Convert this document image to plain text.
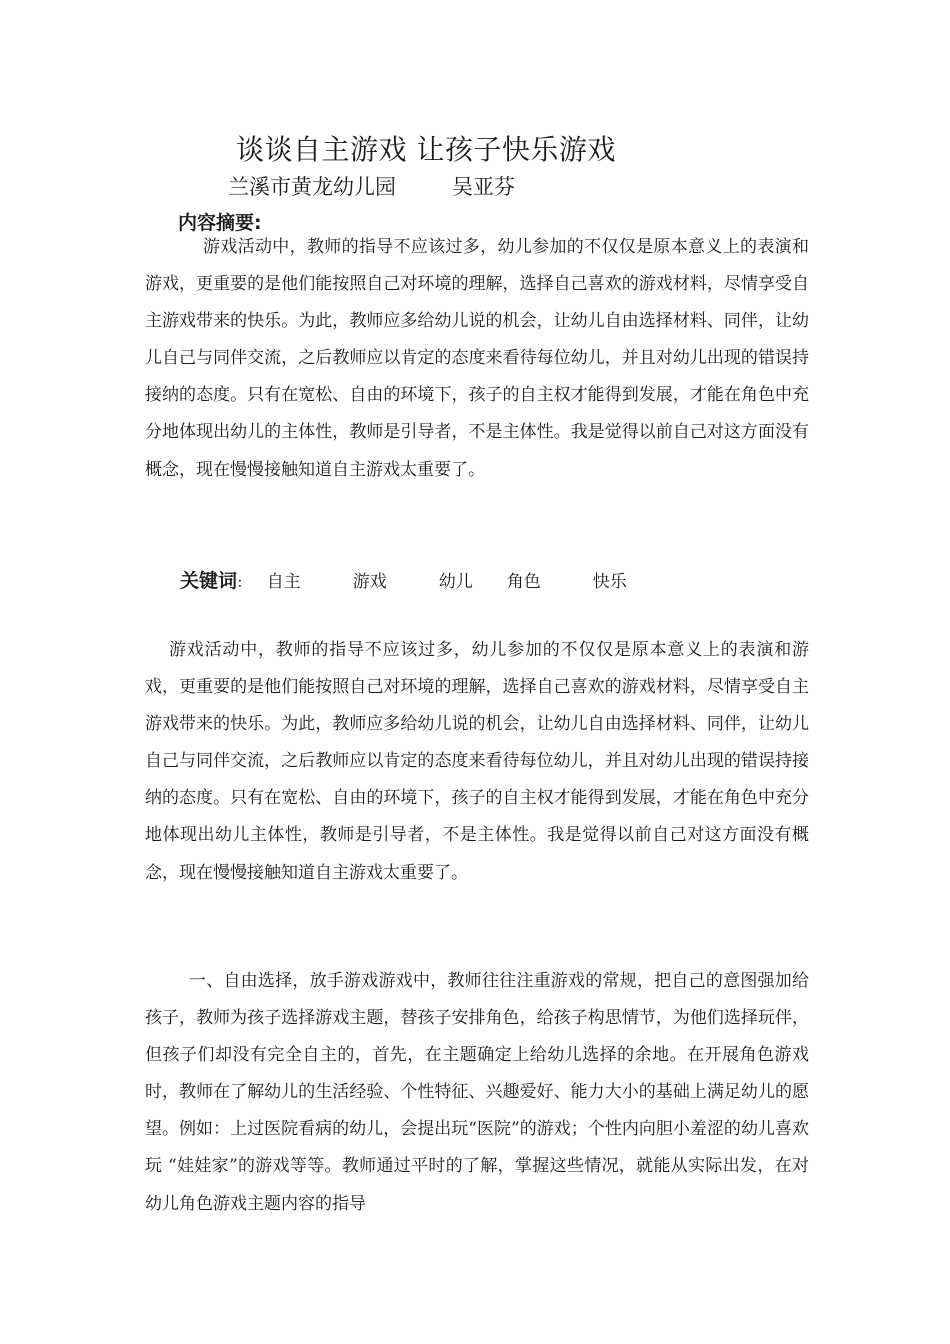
谈谈自主游戏 让孩子快乐游戏
兰溪市黄龙幼儿园	吴亚芬
内容摘要:

游戏活动中，教师的指导不应该过多，幼儿参加的不仅仅是原本意义上的表演和游戏，更重要的是他们能按照自己对环境的理解，选择自己喜欢的游戏材料，尽情享受自主游戏带来的快乐。为此，教师应多给幼儿说的机会，让幼儿自由选择材料、同伴，让幼儿自己与同伴交流，之后教师应以肯定的态度来看待每位幼儿，并且对幼儿出现的错误持接纳的态度。只有在宽松、自由的环境下，孩子的自主权才能得到发展，才能在角色中充分地体现出幼儿的主体性，教师是引导者，不是主体性。我是觉得以前自己对这方面没有概念，现在慢慢接触知道自主游戏太重要了。

关键词: 自主	游戏	幼儿 角色	快乐

游戏活动中，教师的指导不应该过多，幼儿参加的不仅仅是原本意义上的表演和游戏，更重要的是他们能按照自己对环境的理解，选择自己喜欢的游戏材料，尽情享受自主游戏带来的快乐。为此，教师应多给幼儿说的机会，让幼儿自由选择材料、同伴，让幼儿自己与同伴交流，之后教师应以肯定的态度来看待每位幼儿，并且对幼儿出现的错误持接纳的态度。只有在宽松、自由的环境下，孩子的自主权才能得到发展，才能在角色中充分地体现出幼儿主体性，教师是引导者，不是主体性。我是觉得以前自己对这方面没有概念，现在慢慢接触知道自主游戏太重要了。

一、自由选择，放手游戏游戏中，教师往往注重游戏的常规，把自己的意图强加给孩子，教师为孩子选择游戏主题，替孩子安排角色，给孩子构思情节，为他们选择玩伴，但孩子们却没有完全自主的，首先，在主题确定上给幼儿选择的余地。在开展角色游戏时，教师在了解幼儿的生活经验、个性特征、兴趣爱好、能力大小的基础上满足幼儿的愿望。例如：上过医院看病的幼儿，会提出玩“医院”的游戏；个性内向胆小羞涩的幼儿喜欢玩 “娃娃家”的游戏等等。教师通过平时的了解，掌握这些情况，就能从实际出发，在对幼儿角色游戏主题内容的指导
